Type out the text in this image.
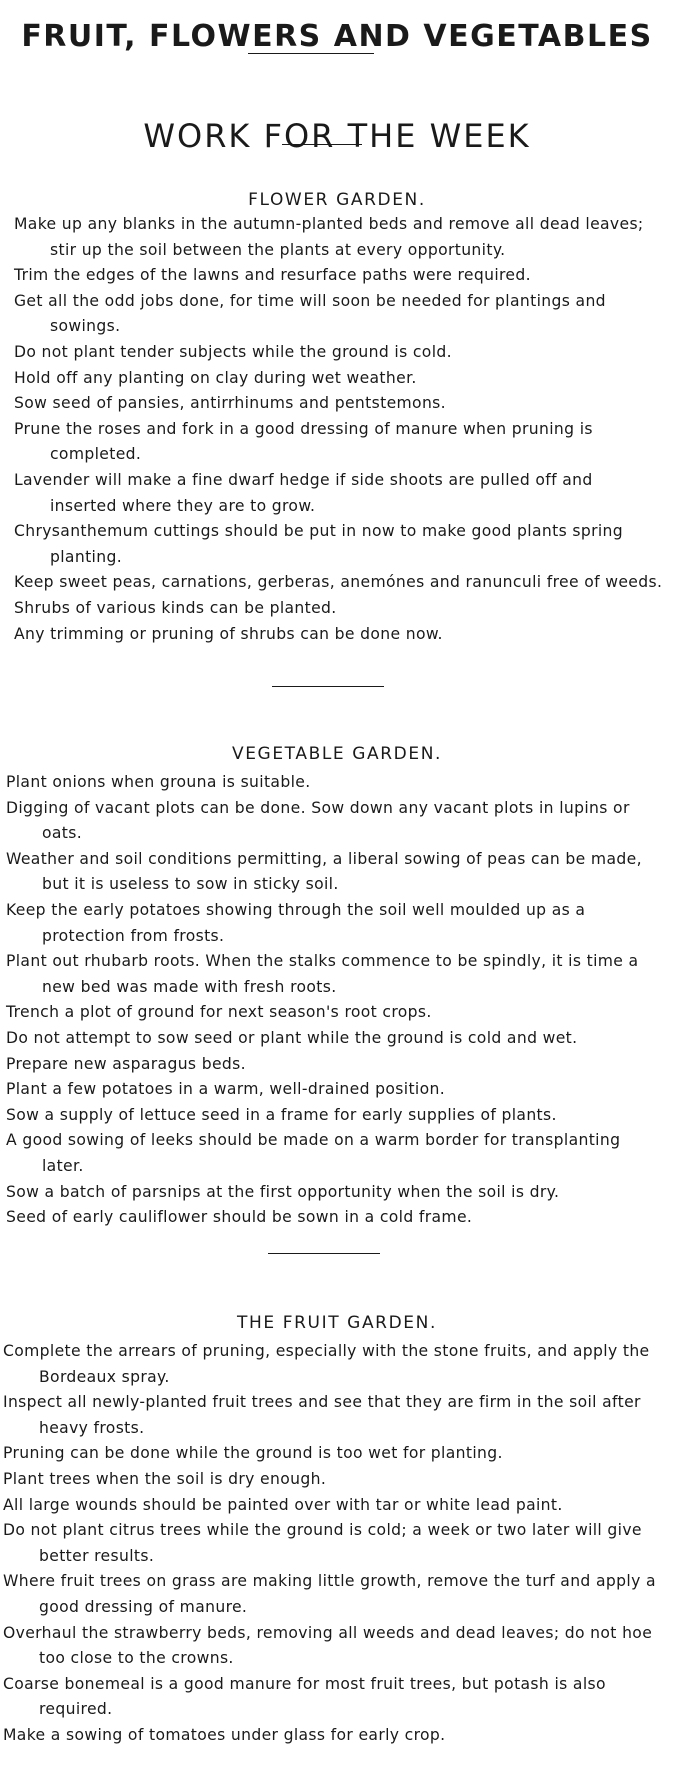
FRUIT, FLOWERS AND VEGETABLES
WORK FOR THE WEEK
FLOWER GARDEN.
Make up any blanks in the autumn-planted beds and remove all dead leaves; stir up the soil between the plants at every opportunity.
Trim the edges of the lawns and resurface paths were required.
Get all the odd jobs done, for time will soon be needed for plantings and sowings.
Do not plant tender subjects while the ground is cold.
Hold off any planting on clay during wet weather.
Sow seed of pansies, antirrhinums and pentstemons.
Prune the roses and fork in a good dressing of manure when pruning is completed.
Lavender will make a fine dwarf hedge if side shoots are pulled off and inserted where they are to grow.
Chrysanthemum cuttings should be put in now to make good plants spring planting.
Keep sweet peas, carnations, gerberas, anemónes and ranunculi free of weeds.
Shrubs of various kinds can be planted.
Any trimming or pruning of shrubs can be done now.
VEGETABLE GARDEN.
Plant onions when grouna is suitable.
Digging of vacant plots can be done. Sow down any vacant plots in lupins or oats.
Weather and soil conditions permitting, a liberal sowing of peas can be made, but it is useless to sow in sticky soil.
Keep the early potatoes showing through the soil well moulded up as a protection from frosts.
Plant out rhubarb roots. When the stalks commence to be spindly, it is time a new bed was made with fresh roots.
Trench a plot of ground for next season's root crops.
Do not attempt to sow seed or plant while the ground is cold and wet.
Prepare new asparagus beds.
Plant a few potatoes in a warm, well-drained position.
Sow a supply of lettuce seed in a frame for early supplies of plants.
A good sowing of leeks should be made on a warm border for transplanting later.
Sow a batch of parsnips at the first opportunity when the soil is dry.
Seed of early cauliflower should be sown in a cold frame.
THE FRUIT GARDEN.
Complete the arrears of pruning, especially with the stone fruits, and apply the Bordeaux spray.
Inspect all newly-planted fruit trees and see that they are firm in the soil after heavy frosts.
Pruning can be done while the ground is too wet for planting.
Plant trees when the soil is dry enough.
All large wounds should be painted over with tar or white lead paint.
Do not plant citrus trees while the ground is cold; a week or two later will give better results.
Where fruit trees on grass are making little growth, remove the turf and apply a good dressing of manure.
Overhaul the strawberry beds, removing all weeds and dead leaves; do not hoe too close to the crowns.
Coarse bonemeal is a good manure for most fruit trees, but potash is also required.
Make a sowing of tomatoes under glass for early crop.
